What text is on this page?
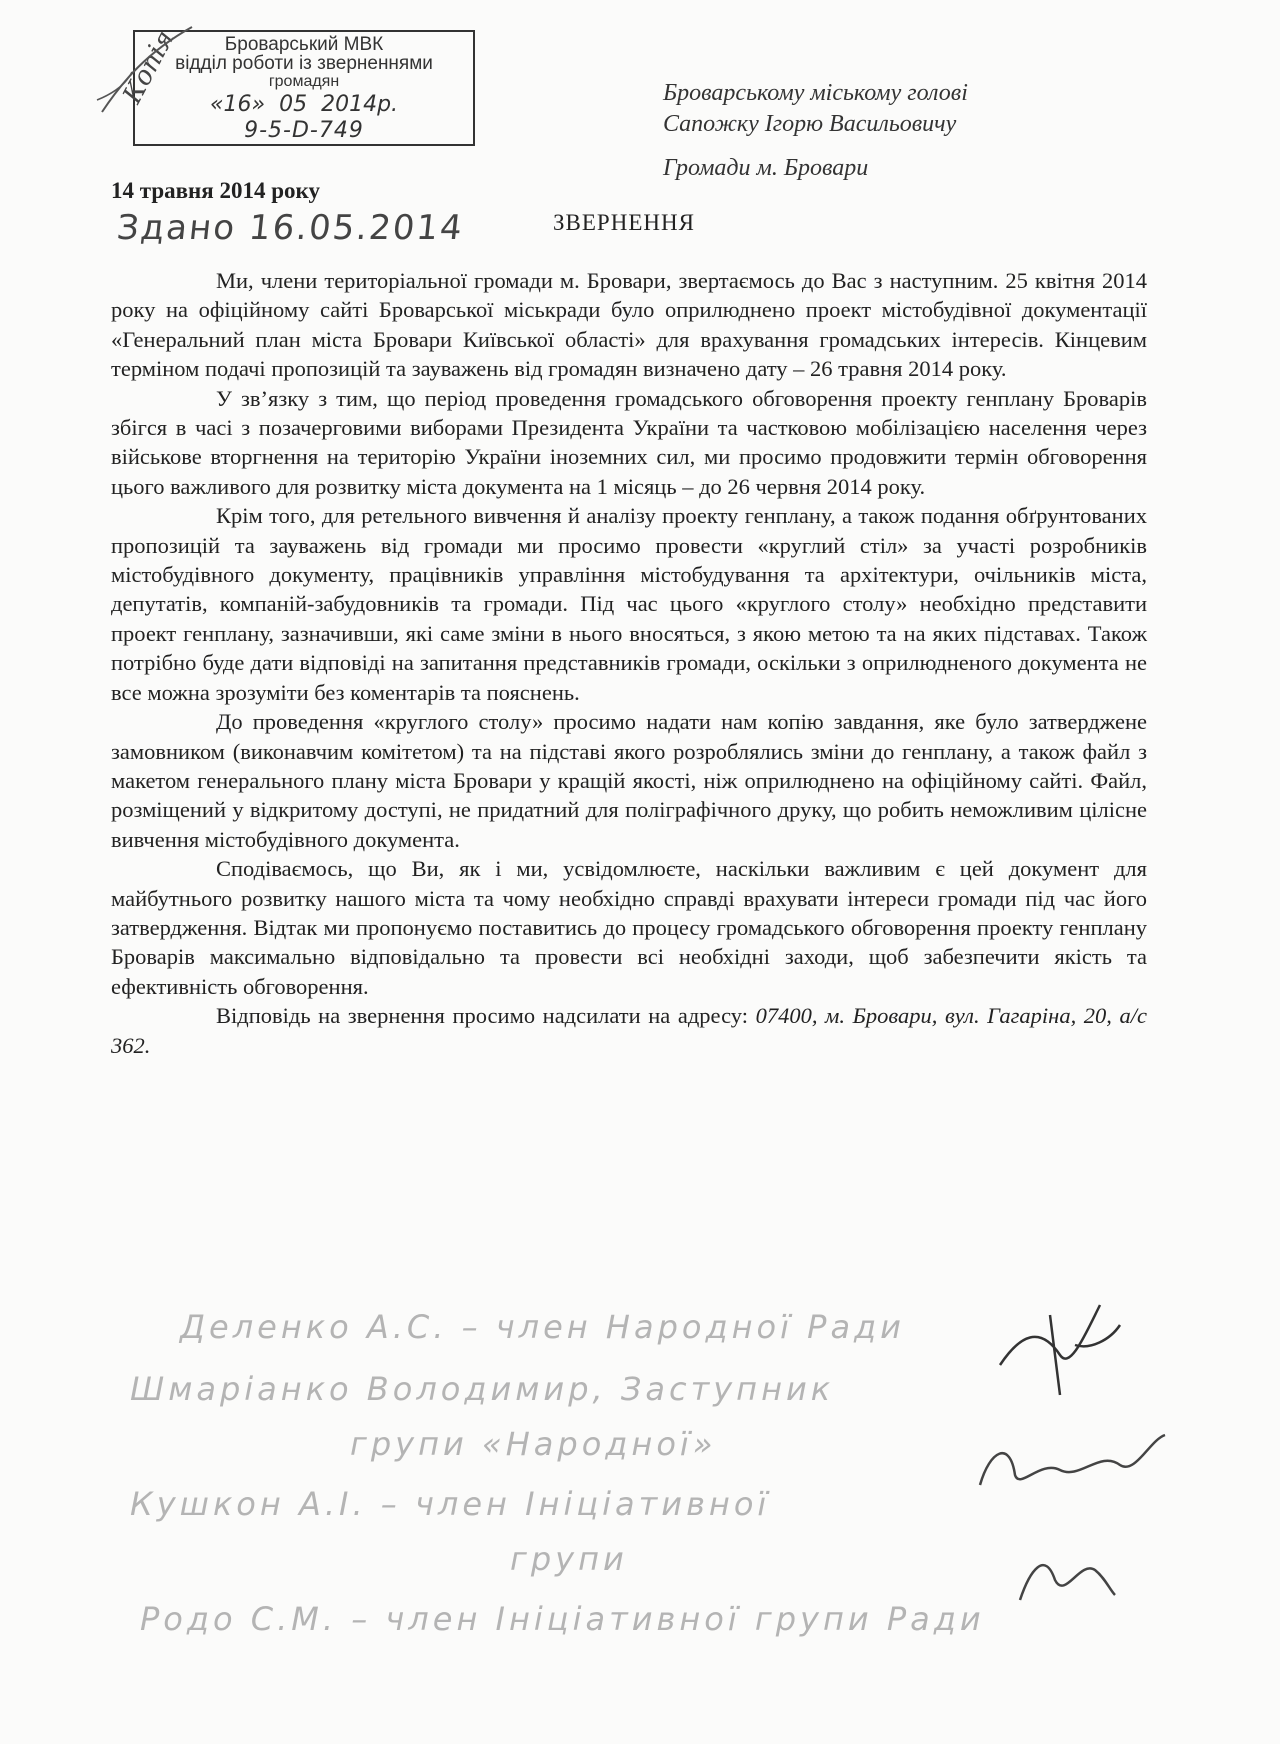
Броварський МВК
відділ роботи із зверненнями
громадян
«16»  05 2014р.
9-5-D-749
Копія	Броварському міському голові
Сапожку Ігорю Васильовичу
Громади м. Бровари
14 травня 2014 року
Здано 16.05.2014	ЗВЕРНЕННЯ

Ми, члени територіальної громади м. Бровари, звертаємось до Вас з наступним. 25 квітня 2014 року на офіційному сайті Броварської міськради було оприлюднено проект містобудівної документації «Генеральний план міста Бровари Київської області» для врахування громадських інтересів. Кінцевим терміном подачі пропозицій та зауважень від громадян визначено дату – 26 травня 2014 року.

У зв’язку з тим, що період проведення громадського обговорення проекту генплану Броварів збігся в часі з позачерговими виборами Президента України та частковою мобілізацією населення через військове вторгнення на територію України іноземних сил, ми просимо продовжити термін обговорення цього важливого для розвитку міста документа на 1 місяць – до 26 червня 2014 року.

Крім того, для ретельного вивчення й аналізу проекту генплану, а також подання обґрунтованих пропозицій та зауважень від громади ми просимо провести «круглий стіл» за участі розробників містобудівного документу, працівників управління містобудування та архітектури, очільників міста, депутатів, компаній-забудовників та громади. Під час цього «круглого столу» необхідно представити проект генплану, зазначивши, які саме зміни в нього вносяться, з якою метою та на яких підставах. Також потрібно буде дати відповіді на запитання представників громади, оскільки з оприлюдненого документа не все можна зрозуміти без коментарів та пояснень.

До проведення «круглого столу» просимо надати нам копію завдання, яке було затверджене замовником (виконавчим комітетом) та на підставі якого розроблялись зміни до генплану, а також файл з макетом генерального плану міста Бровари у кращій якості, ніж оприлюднено на офіційному сайті. Файл, розміщений у відкритому доступі, не придатний для поліграфічного друку, що робить неможливим цілісне вивчення містобудівного документа.

Сподіваємось, що Ви, як і ми, усвідомлюєте, наскільки важливим є цей документ для майбутнього розвитку нашого міста та чому необхідно справді врахувати інтереси громади під час його затвердження. Відтак ми пропонуємо поставитись до процесу громадського обговорення проекту генплану Броварів максимально відповідально та провести всі необхідні заходи, щоб забезпечити якість та ефективність обговорення.

Відповідь на звернення просимо надсилати на адресу: 07400, м. Бровари, вул. Гагаріна, 20, а/с 362.

Деленко А.С. – член Народної Ради
Шмаріанко Володимир, Заступник
групи «Народної»
Кушкон А.І. – член Ініціативної
групи
Родо С.М. – член Ініціативної групи Ради
